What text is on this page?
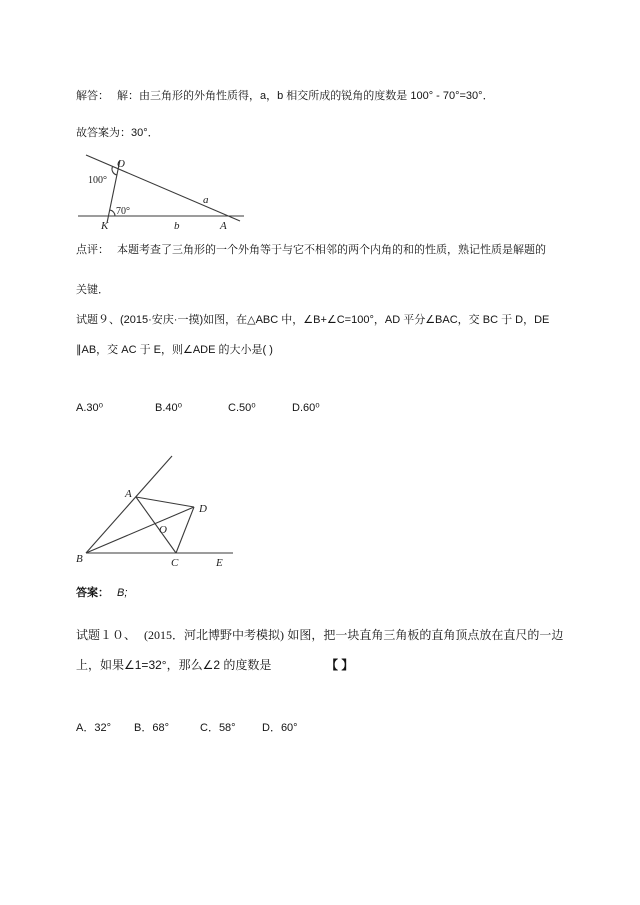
解答： 解：由三角形的外角性质得，a，b 相交所成的锐角的度数是 100° - 70°=30°．
故答案为：30°．
O
100°
a
70°
K	b	A
点评： 本题考查了三角形的一个外角等于与它不相邻的两个内角的和的性质，熟记性质是解题的
关键．
试题９、(2015·安庆·一摸)如图，在△ABC 中，∠B+∠C=100°，AD 平分∠BAC，交 BC 于 D，DE
∥AB，交 AC 于 E，则∠ADE 的大小是( )
A.30⁰	B.40⁰	C.50⁰	D.60⁰
A
D
O
B	C	E
答案： B;
试题１０、 (2015．河北博野中考模拟) 如图，把一块直角三角板的直角顶点放在直尺的一边
上，如果∠1=32°，那么∠2 的度数是	【 】
A．32° B．68°	C．58° D．60°
